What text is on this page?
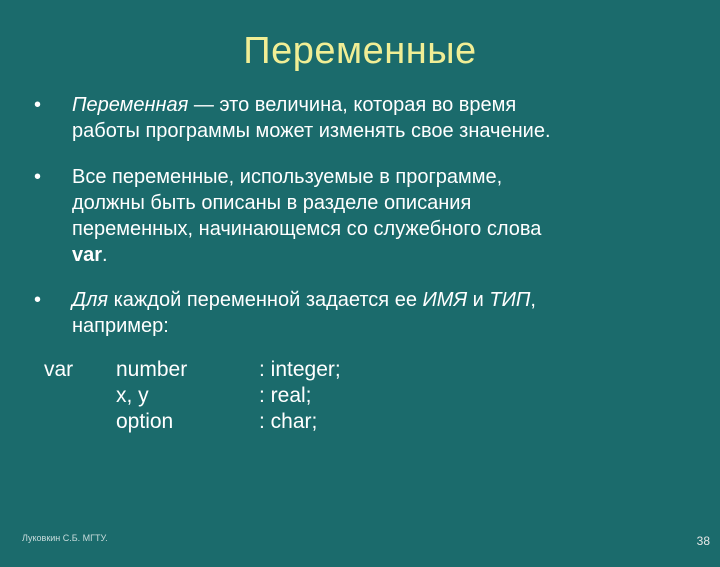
Переменные
• Переменная — это величина, которая во время
работы программы может изменять свое значение.
• Все переменные, используемые в программе,
должны быть описаны в разделе описания
переменных, начинающемся со служебного слова
var.
• Для каждой переменной задается ее ИМЯ и ТИП,
например:
var number
x, y
option
: integer;
: real;
: char;
Луковкин С.Б. МГТУ.	38
